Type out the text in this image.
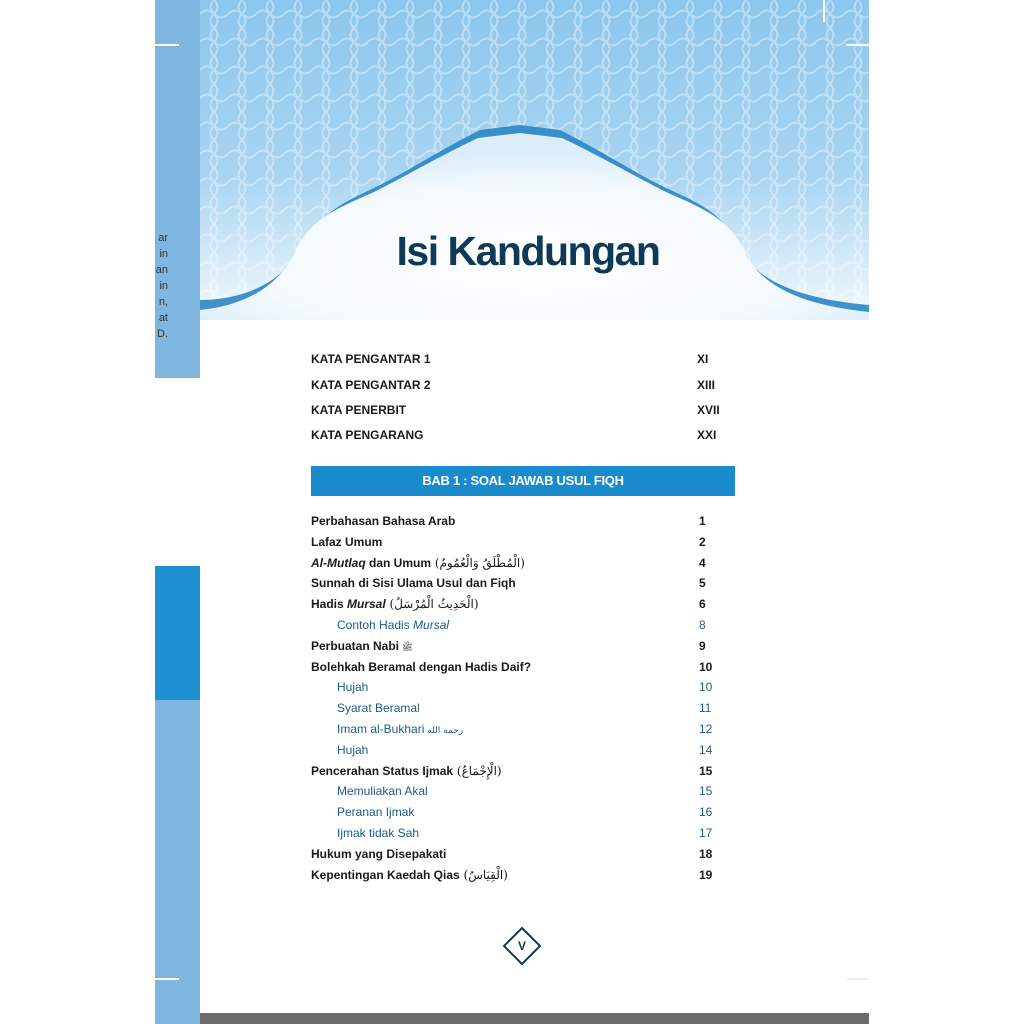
ar
in
an
in
n,
at
D.
Isi Kandungan
KATA PENGANTAR 1	XI
KATA PENGANTAR 2	XIII
KATA PENERBIT	XVII
KATA PENGARANG	XXI
BAB 1 : SOAL JAWAB USUL FIQH
Perbahasan Bahasa Arab	1
Lafaz Umum	2
Al-Mutlaq dan Umum (الْمُطْلَقُ وَالْعُمُومُ)	4
Sunnah di Sisi Ulama Usul dan Fiqh	5
Hadis Mursal (الْحَدِيثُ الْمُرْسَلُ)	6
Contoh Hadis Mursal	8
Perbuatan Nabi ﷺ	9
Bolehkah Beramal dengan Hadis Daif?	10
Hujah	10
Syarat Beramal	11
Imam al-Bukhari رحمه الله	12
Hujah	14
Pencerahan Status Ijmak (الْإِجْمَاعُ)	15
Memuliakan Akal	15
Peranan Ijmak	16
Ijmak tidak Sah	17
Hukum yang Disepakati	18
Kepentingan Kaedah Qias (الْقِيَاسُ)	19
V
